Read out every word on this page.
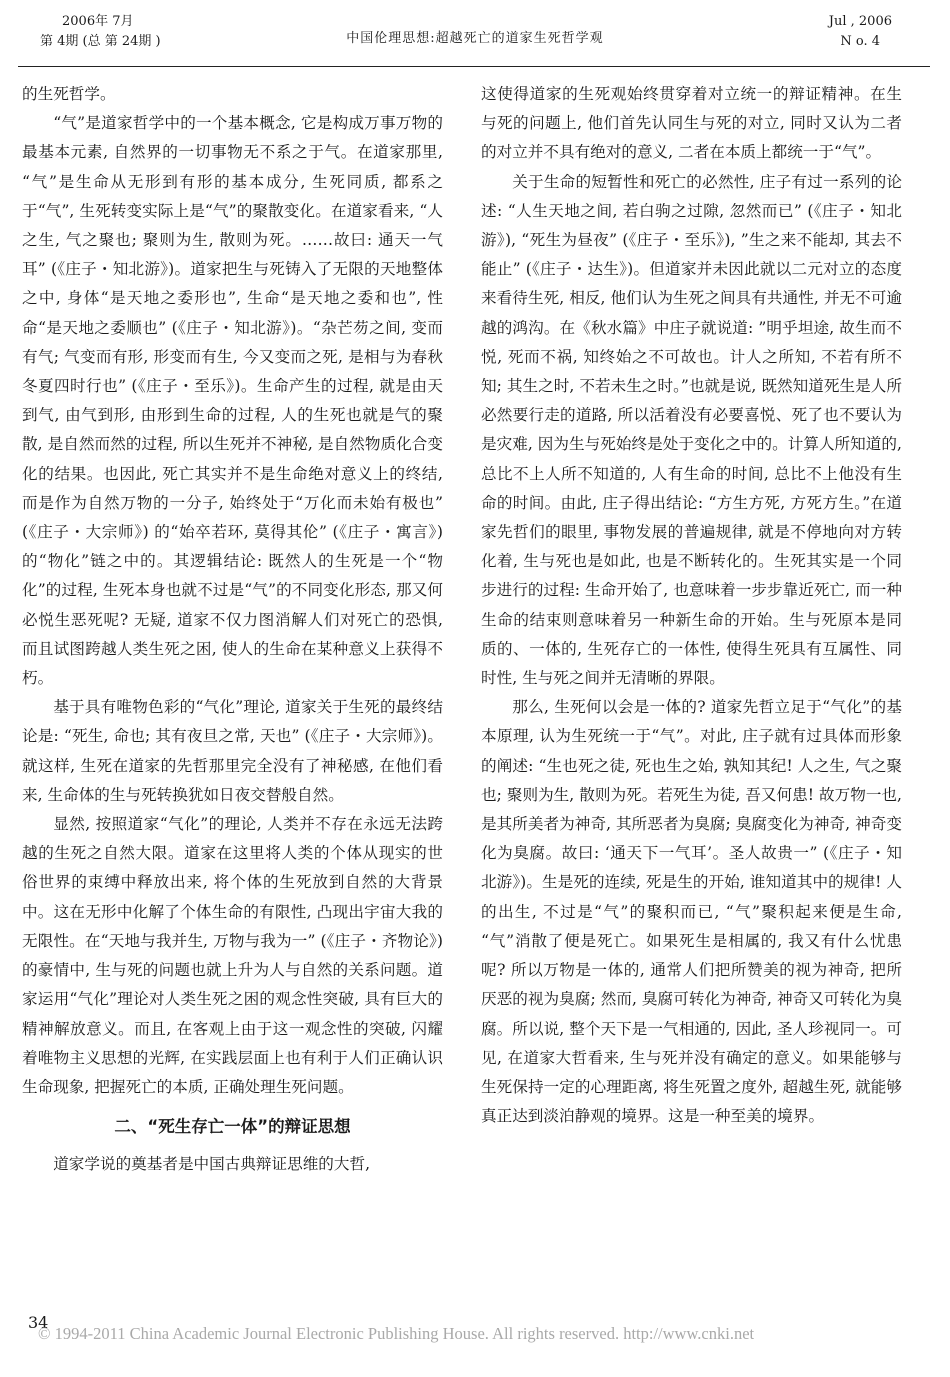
2006年 7月
第 4期 (总 第 24期 )	中国伦理思想:超越死亡的道家生死哲学观
Jul , 2006
N o. 4

的生死哲学。

“气”是道家哲学中的一个基本概念, 它是构成万事万物的最基本元素, 自然界的一切事物无不系之于气。在道家那里, “气”是生命从无形到有形的基本成分, 生死同质, 都系之于“气”, 生死转变实际上是“气”的聚散变化。在道家看来, “人之生, 气之聚也; 聚则为生, 散则为死。……故曰: 通天一气耳” (《庄子・知北游》)。道家把生与死铸入了无限的天地整体之中, 身体“是天地之委形也”, 生命“是天地之委和也”, 性命“是天地之委顺也” (《庄子・知北游》)。“杂芒芴之间, 变而有气; 气变而有形, 形变而有生, 今又变而之死, 是相与为春秋冬夏四时行也” (《庄子・至乐》)。生命产生的过程, 就是由天到气, 由气到形, 由形到生命的过程, 人的生死也就是气的聚散, 是自然而然的过程, 所以生死并不神秘, 是自然物质化合变化的结果。也因此, 死亡其实并不是生命绝对意义上的终结, 而是作为自然万物的一分子, 始终处于“万化而未始有极也” (《庄子・大宗师》) 的“始卒若环, 莫得其伦” (《庄子・寓言》) 的“物化”链之中的。其逻辑结论: 既然人的生死是一个“物化”的过程, 生死本身也就不过是“气”的不同变化形态, 那又何必悦生恶死呢? 无疑, 道家不仅力图消解人们对死亡的恐惧, 而且试图跨越人类生死之困, 使人的生命在某种意义上获得不朽。

基于具有唯物色彩的“气化”理论, 道家关于生死的最终结论是: “死生, 命也; 其有夜旦之常, 天也” (《庄子・大宗师》)。就这样, 生死在道家的先哲那里完全没有了神秘感, 在他们看来, 生命体的生与死转换犹如日夜交替般自然。

显然, 按照道家“气化”的理论, 人类并不存在永远无法跨越的生死之自然大限。道家在这里将人类的个体从现实的世俗世界的束缚中释放出来, 将个体的生死放到自然的大背景中。这在无形中化解了个体生命的有限性, 凸现出宇宙大我的无限性。在“天地与我并生, 万物与我为一” (《庄子・齐物论》) 的豪情中, 生与死的问题也就上升为人与自然的关系问题。道家运用“气化”理论对人类生死之困的观念性突破, 具有巨大的精神解放意义。而且, 在客观上由于这一观念性的突破, 闪耀着唯物主义思想的光辉, 在实践层面上也有利于人们正确认识生命现象, 把握死亡的本质, 正确处理生死问题。

二、“死生存亡一体”的辩证思想

道家学说的奠基者是中国古典辩证思维的大哲,

这使得道家的生死观始终贯穿着对立统一的辩证精神。在生与死的问题上, 他们首先认同生与死的对立, 同时又认为二者的对立并不具有绝对的意义, 二者在本质上都统一于“气”。

关于生命的短暂性和死亡的必然性, 庄子有过一系列的论述: “人生天地之间, 若白驹之过隙, 忽然而已” (《庄子・知北游》), “死生为昼夜” (《庄子・至乐》), ”生之来不能却, 其去不能止” (《庄子・达生》)。但道家并未因此就以二元对立的态度来看待生死, 相反, 他们认为生死之间具有共通性, 并无不可逾越的鸿沟。在《秋水篇》中庄子就说道: ”明乎坦途, 故生而不悦, 死而不祸, 知终始之不可故也。计人之所知, 不若有所不知; 其生之时, 不若未生之时。”也就是说, 既然知道死生是人所必然要行走的道路, 所以活着没有必要喜悦、死了也不要认为是灾难, 因为生与死始终是处于变化之中的。计算人所知道的, 总比不上人所不知道的, 人有生命的时间, 总比不上他没有生命的时间。由此, 庄子得出结论: “方生方死, 方死方生。”在道家先哲们的眼里, 事物发展的普遍规律, 就是不停地向对方转化着, 生与死也是如此, 也是不断转化的。生死其实是一个同步进行的过程: 生命开始了, 也意味着一步步靠近死亡, 而一种生命的结束则意味着另一种新生命的开始。生与死原本是同质的、一体的, 生死存亡的一体性, 使得生死具有互属性、同时性, 生与死之间并无清晰的界限。

那么, 生死何以会是一体的? 道家先哲立足于“气化”的基本原理, 认为生死统一于“气”。对此, 庄子就有过具体而形象的阐述: “生也死之徒, 死也生之始, 孰知其纪! 人之生, 气之聚也; 聚则为生, 散则为死。若死生为徒, 吾又何患! 故万物一也, 是其所美者为神奇, 其所恶者为臭腐; 臭腐变化为神奇, 神奇变化为臭腐。故曰: ‘通天下一气耳’。圣人故贵一” (《庄子・知北游》)。生是死的连续, 死是生的开始, 谁知道其中的规律! 人的出生, 不过是“气”的聚积而已, “气”聚积起来便是生命, “气”消散了便是死亡。如果死生是相属的, 我又有什么忧患呢? 所以万物是一体的, 通常人们把所赞美的视为神奇, 把所厌恶的视为臭腐; 然而, 臭腐可转化为神奇, 神奇又可转化为臭腐。所以说, 整个天下是一气相通的, 因此, 圣人珍视同一。可见, 在道家大哲看来, 生与死并没有确定的意义。如果能够与生死保持一定的心理距离, 将生死置之度外, 超越生死, 就能够真正达到淡泊静观的境界。这是一种至美的境界。

34
© 1994-2011 China Academic Journal Electronic Publishing House. All rights reserved. http://www.cnki.net
